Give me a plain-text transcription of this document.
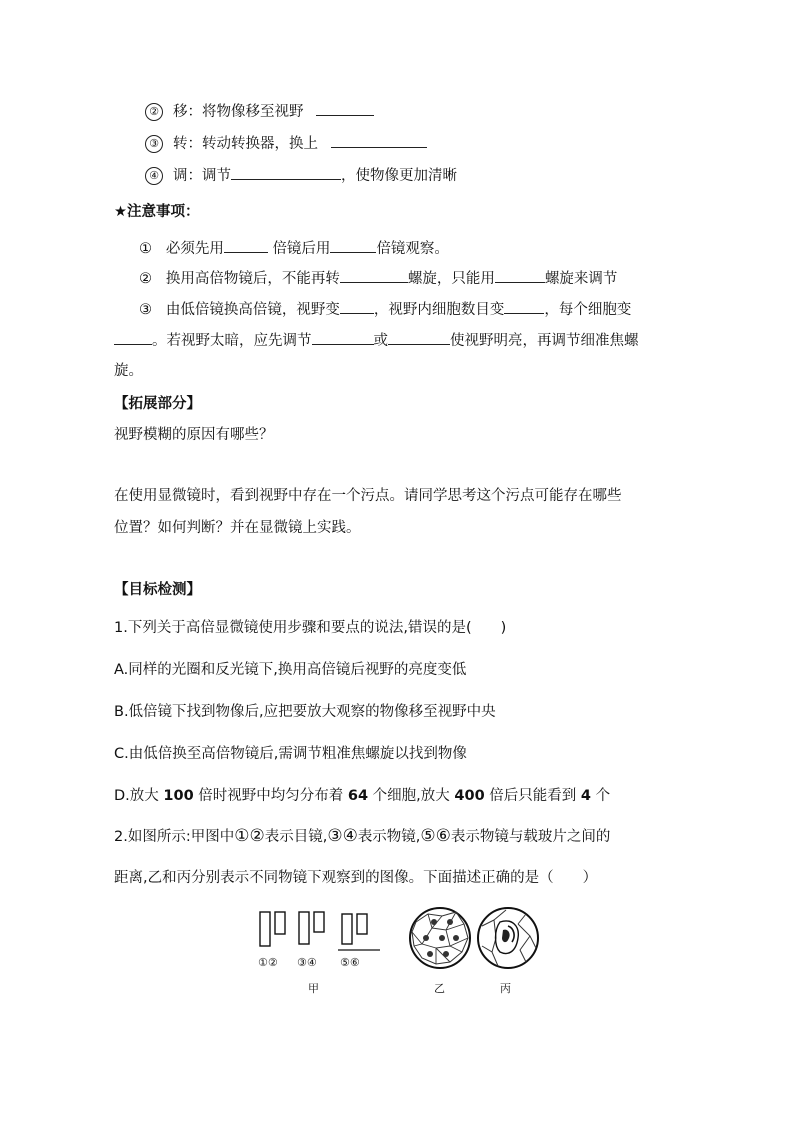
② 移：将物像移至视野
③ 转：转动转换器，换上
④ 调：调节	，使物像更加清晰
★注意事项：
① 必须先用	倍镜后用	倍镜观察。
② 换用高倍物镜后，不能再转	螺旋，只能用	螺旋来调节
③ 由低倍镜换高倍镜，视野变 ，视野内细胞数目变	，每个细胞变
。若视野太暗，应先调节	或	使视野明亮，再调节细准焦螺
旋。
【拓展部分】
视野模糊的原因有哪些？
在使用显微镜时，看到视野中存在一个污点。请同学思考这个污点可能存在哪些
位置？如何判断？并在显微镜上实践。
【目标检测】
1.下列关于高倍显微镜使用步骤和要点的说法,错误的是(　　)
A.同样的光圈和反光镜下,换用高倍镜后视野的亮度变低
B.低倍镜下找到物像后,应把要放大观察的物像移至视野中央
C.由低倍换至高倍物镜后,需调节粗准焦螺旋以找到物像
D.放大 100 倍时视野中均匀分布着 64 个细胞,放大 400 倍后只能看到 4 个
2.如图所示:甲图中①②表示目镜,③④表示物镜,⑤⑥表示物镜与载玻片之间的
距离,乙和丙分别表示不同物镜下观察到的图像。下面描述正确的是（　　）
①② ③④ ⑤⑥
甲	乙	丙
